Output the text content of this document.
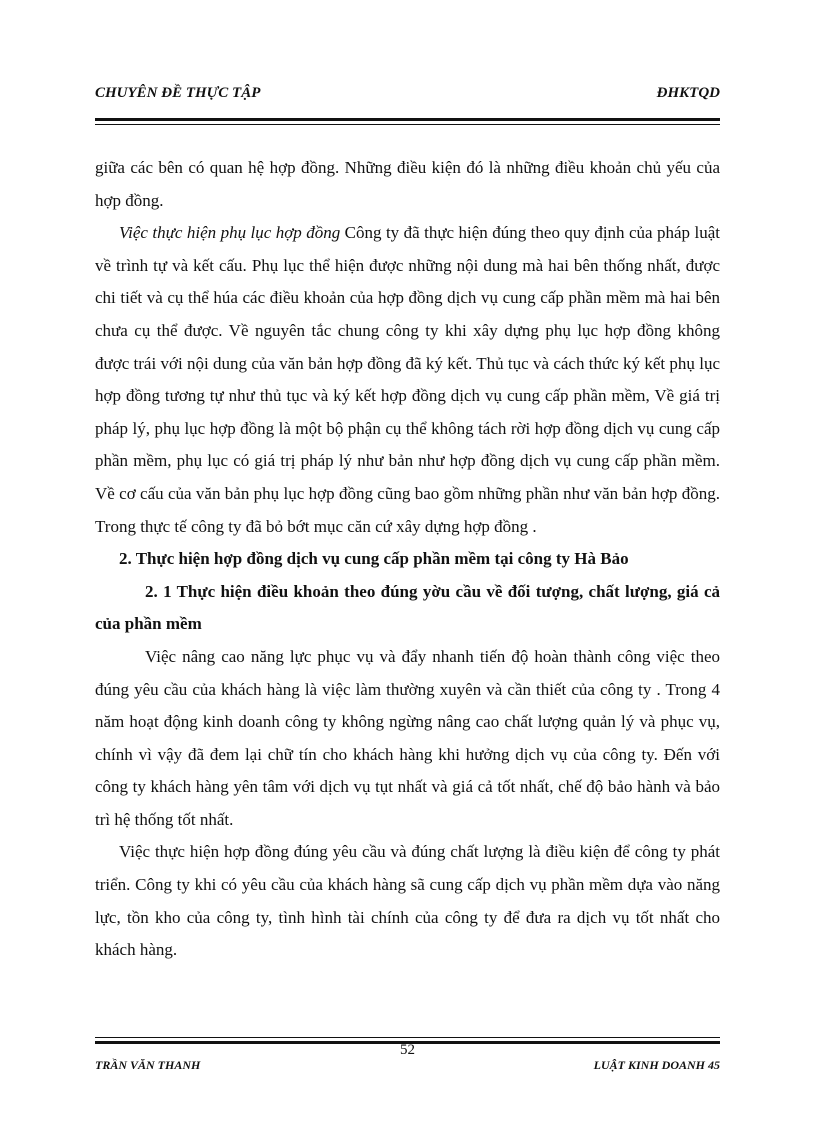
CHUYÊN ĐỀ THỰC TẬP	ĐHKTQD

giữa các bên có quan hệ hợp đồng. Những điều kiện đó là những điều khoản chủ yếu của hợp đồng.

Việc thực hiện phụ lục hợp đồng Công ty đã thực hiện đúng theo quy định của pháp luật về trình tự và kết cấu. Phụ lục thể hiện được những nội dung mà hai bên thống nhất, được chi tiết và cụ thể húa các điều khoản của hợp đồng dịch vụ cung cấp phần mềm mà hai bên chưa cụ thể được. Về nguyên tắc chung công ty khi xây dựng phụ lục hợp đồng không được trái với nội dung của văn bản hợp đồng đã ký kết. Thủ tục và cách thức ký kết phụ lục hợp đồng tương tự như thủ tục và ký kết hợp đồng dịch vụ cung cấp phần mềm, Về giá trị pháp lý, phụ lục hợp đồng là một bộ phận cụ thể không tách rời hợp đồng dịch vụ cung cấp phần mềm, phụ lục có giá trị pháp lý như bản như hợp đồng dịch vụ cung cấp phần mềm. Về cơ cấu của văn bản phụ lục hợp đồng cũng bao gồm những phần như văn bản hợp đồng. Trong thực tế công ty đã bỏ bớt mục căn cứ xây dựng hợp đồng .

2. Thực hiện hợp đồng dịch vụ cung cấp phần mềm tại công ty Hà Bảo

2. 1 Thực hiện điều khoản theo đúng yờu cầu về đối tượng, chất lượng, giá cả của phần mềm

Việc nâng cao năng lực phục vụ và đẩy nhanh tiến độ hoàn thành công việc theo đúng yêu cầu của khách hàng là việc làm thường xuyên và cần thiết của công ty . Trong 4 năm hoạt động kinh doanh công ty không ngừng nâng cao chất lượng quản lý và phục vụ, chính vì vậy đã đem lại chữ tín cho khách hàng khi hưởng dịch vụ của công ty. Đến với công ty khách hàng yên tâm với dịch vụ tụt nhất và giá cả tốt nhất, chế độ bảo hành và bảo trì hệ thống tốt nhất.

Việc thực hiện hợp đồng đúng yêu cầu và đúng chất lượng là điều kiện để công ty phát triển. Công ty khi có yêu cầu của khách hàng sã cung cấp dịch vụ phần mềm dựa vào năng lực, tồn kho của công ty, tình hình tài chính của công ty để đưa ra dịch vụ tốt nhất cho khách hàng.

TRẦN VĂN THANH
52
LUẬT KINH DOANH 45
